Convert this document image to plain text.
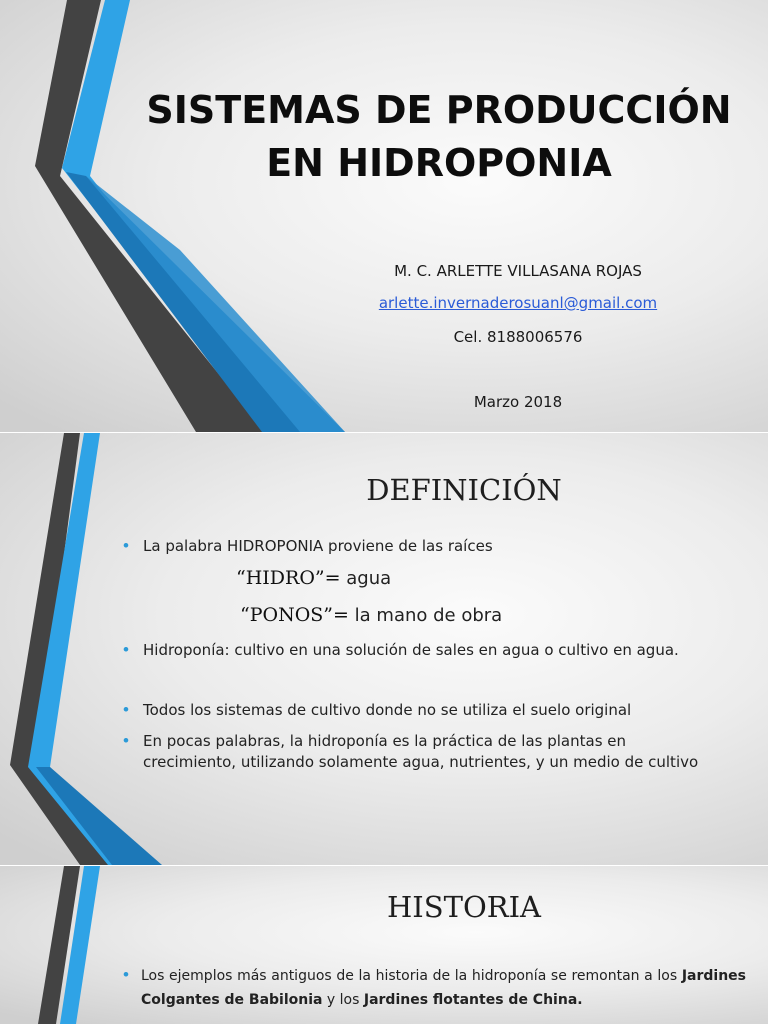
SISTEMAS DE PRODUCCIÓN
EN HIDROPONIA
M. C. ARLETTE VILLASANA ROJAS
arlette.invernaderosuanl@gmail.com
Cel. 8188006576
Marzo 2018
DEFINICIÓN
• La palabra HIDROPONIA proviene de las raíces
“HIDRO”= agua
“PONOS”= la mano de obra
• Hidroponía: cultivo en una solución de sales en agua o cultivo en agua.
• Todos los sistemas de cultivo donde no se utiliza el suelo original
• En pocas palabras, la hidroponía es la práctica de las plantas en crecimiento, utilizando solamente agua, nutrientes, y un medio de cultivo
HISTORIA
• Los ejemplos más antiguos de la historia de la hidroponía se remontan a los Jardines Colgantes de Babilonia y los Jardines flotantes de China.
